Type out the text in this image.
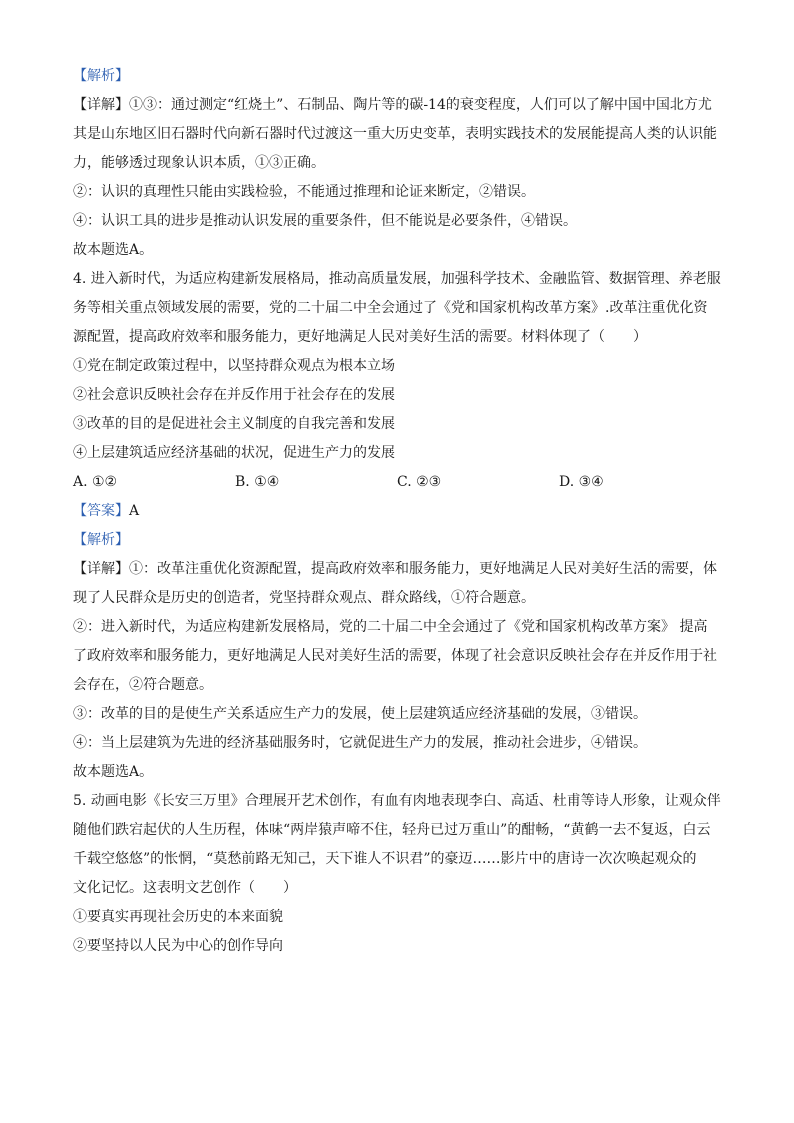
【解析】
【详解】①③：通过测定“红烧土”、石制品、陶片等的碳-14的衰变程度，人们可以了解中国中国北方尤
其是山东地区旧石器时代向新石器时代过渡这一重大历史变革，表明实践技术的发展能提高人类的认识能
力，能够透过现象认识本质，①③正确。
②：认识的真理性只能由实践检验，不能通过推理和论证来断定，②错误。
④：认识工具的进步是推动认识发展的重要条件，但不能说是必要条件，④错误。
故本题选A。
4. 进入新时代，为适应构建新发展格局，推动高质量发展，加强科学技术、金融监管、数据管理、养老服
务等相关重点领域发展的需要，党的二十届二中全会通过了《党和国家机构改革方案》.改革注重优化资
源配置，提高政府效率和服务能力，更好地满足人民对美好生活的需要。材料体现了（　　）
①党在制定政策过程中，以坚持群众观点为根本立场
②社会意识反映社会存在并反作用于社会存在的发展
③改革的目的是促进社会主义制度的自我完善和发展
④上层建筑适应经济基础的状况，促进生产力的发展
A. ①②	B. ①④	C. ②③	D. ③④
【答案】A
【解析】
【详解】①：改革注重优化资源配置，提高政府效率和服务能力，更好地满足人民对美好生活的需要，体
现了人民群众是历史的创造者，党坚持群众观点、群众路线，①符合题意。
②：进入新时代，为适应构建新发展格局，党的二十届二中全会通过了《党和国家机构改革方案》 提高
了政府效率和服务能力，更好地满足人民对美好生活的需要，体现了社会意识反映社会存在并反作用于社
会存在，②符合题意。
③：改革的目的是使生产关系适应生产力的发展，使上层建筑适应经济基础的发展，③错误。
④：当上层建筑为先进的经济基础服务时，它就促进生产力的发展，推动社会进步，④错误。
故本题选A。
5. 动画电影《长安三万里》合理展开艺术创作，有血有肉地表现李白、高适、杜甫等诗人形象，让观众伴
随他们跌宕起伏的人生历程，体味“两岸猿声啼不住，轻舟已过万重山”的酣畅，“黄鹤一去不复返，白云
千载空悠悠”的怅惘，“莫愁前路无知己，天下谁人不识君”的豪迈……影片中的唐诗一次次唤起观众的
文化记忆。这表明文艺创作（　　）
①要真实再现社会历史的本来面貌
②要坚持以人民为中心的创作导向
